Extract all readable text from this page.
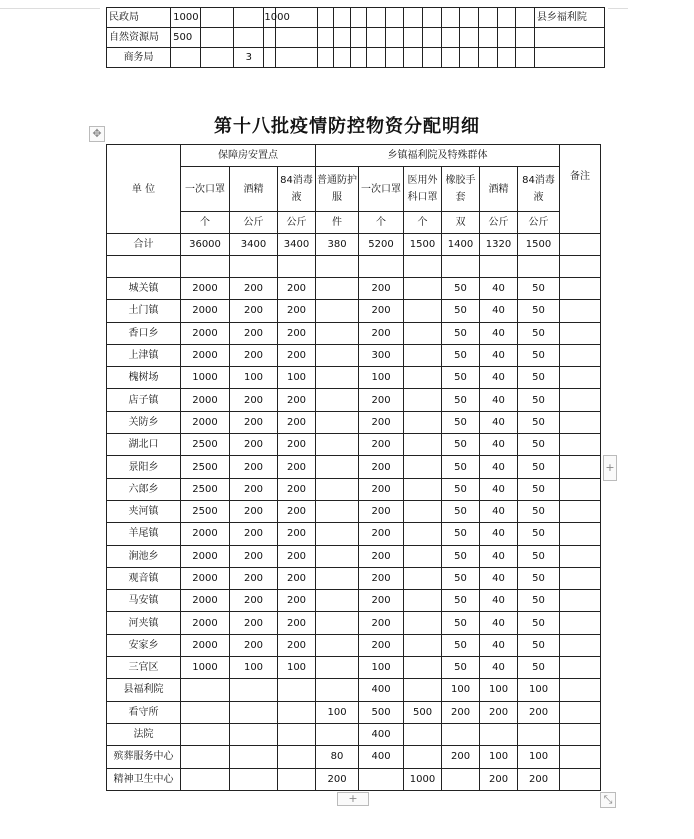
民政局	1000			1000														县乡福利院
自然资源局	500																	
商务局			3															
第十八批疫情防控物资分配明细
✥
单 位	保障房安置点			乡镇福利院及特殊群体						备注
	一次口罩	酒精	84消毒液	普通防护服	一次口罩	医用外科口罩	橡胶手套	酒精	84消毒液	
	个	公斤	公斤	件	个	个	双	公斤	公斤	
合计	36000	3400	3400	380	5200	1500	1400	1320	1500	

城关镇	2000	200	200		200		50	40	50	
土门镇	2000	200	200		200		50	40	50	
香口乡	2000	200	200		200		50	40	50	
上津镇	2000	200	200		300		50	40	50	
槐树场	1000	100	100		100		50	40	50	
店子镇	2000	200	200		200		50	40	50	
关防乡	2000	200	200		200		50	40	50	
湖北口	2500	200	200		200		50	40	50	
景阳乡	2500	200	200		200		50	40	50	
六郎乡	2500	200	200		200		50	40	50	
夹河镇	2500	200	200		200		50	40	50	
羊尾镇	2000	200	200		200		50	40	50	
涧池乡	2000	200	200		200		50	40	50	
观音镇	2000	200	200		200		50	40	50	
马安镇	2000	200	200		200		50	40	50	
河夹镇	2000	200	200		200		50	40	50	
安家乡	2000	200	200		200		50	40	50	
三官区	1000	100	100		100		50	40	50	
县福利院					400		100	100	100	
看守所				100	500	500	200	200	200	
法院					400					
殡葬服务中心				80	400		200	100	100	
精神卫生中心				200		1000		200	200	
+
+	⤡
